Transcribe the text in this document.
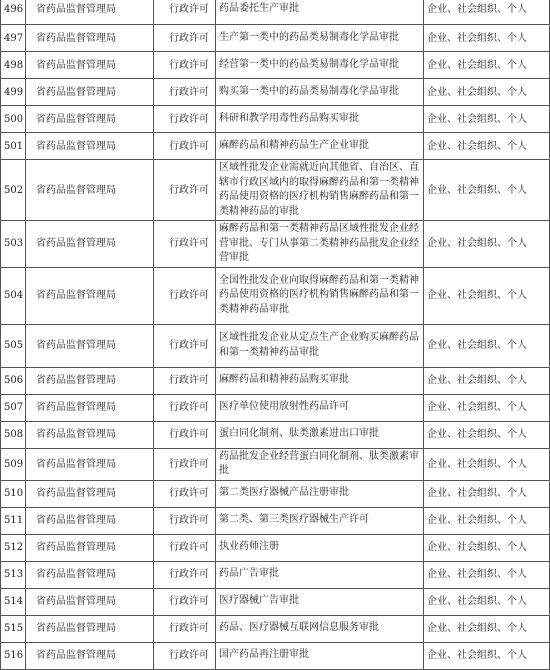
496	省药品监督管理局	行政许可	药品委托生产审批	企业、社会组织、个人
497	省药品监督管理局	行政许可	生产第一类中的药品类易制毒化学品审批	企业、社会组织、个人
498	省药品监督管理局	行政许可	经营第一类中的药品类易制毒化学品审批	企业、社会组织、个人
499	省药品监督管理局	行政许可	购买第一类中的药品类易制毒化学品审批	企业、社会组织、个人
500	省药品监督管理局	行政许可	科研和教学用毒性药品购买审批	企业、社会组织、个人
501	省药品监督管理局	行政许可	麻醉药品和精神药品生产企业审批	企业、社会组织、个人
502	省药品监督管理局	行政许可	区域性批发企业需就近向其他省、自治区、直辖市行政区域内的取得麻醉药品和第一类精神药品使用资格的医疗机构销售麻醉药品和第一类精神药品的审批	企业、社会组织、个人
503	省药品监督管理局	行政许可	麻醉药品和第一类精神药品区域性批发企业经营审批、专门从事第二类精神药品批发企业经营审批	企业、社会组织、个人
504	省药品监督管理局	行政许可	全国性批发企业向取得麻醉药品和第一类精神药品使用资格的医疗机构销售麻醉药品和第一类精神药品审批	企业、社会组织、个人
505	省药品监督管理局	行政许可	区域性批发企业从定点生产企业购买麻醉药品和第一类精神药品审批	企业、社会组织、个人
506	省药品监督管理局	行政许可	麻醉药品和精神药品购买审批	企业、社会组织、个人
507	省药品监督管理局	行政许可	医疗单位使用放射性药品许可	企业、社会组织、个人
508	省药品监督管理局	行政许可	蛋白同化制剂、肽类激素进出口审批	企业、社会组织、个人
509	省药品监督管理局	行政许可	药品批发企业经营蛋白同化制剂、肽类激素审批	企业、社会组织、个人
510	省药品监督管理局	行政许可	第二类医疗器械产品注册审批	企业、社会组织、个人
511	省药品监督管理局	行政许可	第二类、第三类医疗器械生产许可	企业、社会组织、个人
512	省药品监督管理局	行政许可	执业药师注册	企业、社会组织、个人
513	省药品监督管理局	行政许可	药品广告审批	企业、社会组织、个人
514	省药品监督管理局	行政许可	医疗器械广告审批	企业、社会组织、个人
515	省药品监督管理局	行政许可	药品、医疗器械互联网信息服务审批	企业、社会组织、个人
516	省药品监督管理局	行政许可	国产药品再注册审批	企业、社会组织、个人
